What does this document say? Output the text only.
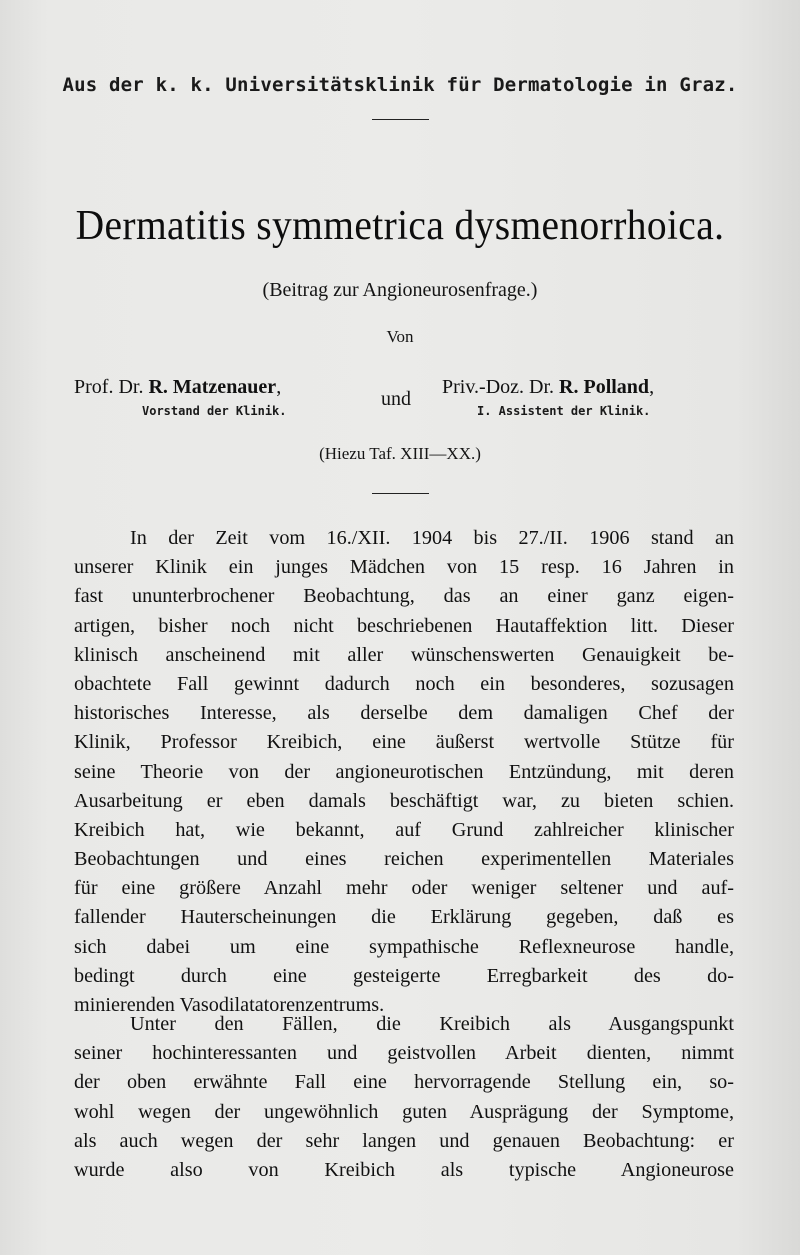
Aus der k. k. Universitätsklinik für Dermatologie in Graz.
Dermatitis symmetrica dysmenorrhoica.
(Beitrag zur Angioneurosenfrage.)
Von
Prof. Dr. R. Matzenauer,
und
Priv.-Doz. Dr. R. Polland,
Vorstand der Klinik.	I. Assistent der Klinik.
(Hiezu Taf. XIII—XX.)
In der Zeit vom 16./XII. 1904 bis 27./II. 1906 stand an
unserer Klinik ein junges Mädchen von 15 resp. 16 Jahren in
fast ununterbrochener Beobachtung, das an einer ganz eigen-
artigen, bisher noch nicht beschriebenen Hautaffektion litt. Dieser
klinisch anscheinend mit aller wünschenswerten Genauigkeit be-
obachtete Fall gewinnt dadurch noch ein besonderes, sozusagen
historisches Interesse, als derselbe dem damaligen Chef der
Klinik, Professor Kreibich, eine äußerst wertvolle Stütze für
seine Theorie von der angioneurotischen Entzündung, mit deren
Ausarbeitung er eben damals beschäftigt war, zu bieten schien.
Kreibich hat, wie bekannt, auf Grund zahlreicher klinischer
Beobachtungen und eines reichen experimentellen Materiales
für eine größere Anzahl mehr oder weniger seltener und auf-
fallender Hauterscheinungen die Erklärung gegeben, daß es
sich dabei um eine sympathische Reflexneurose handle,
bedingt durch eine gesteigerte Erregbarkeit des do-
minierenden Vasodilatatorenzentrums.
Unter den Fällen, die Kreibich als Ausgangspunkt
seiner hochinteressanten und geistvollen Arbeit dienten, nimmt
der oben erwähnte Fall eine hervorragende Stellung ein, so-
wohl wegen der ungewöhnlich guten Ausprägung der Symptome,
als auch wegen der sehr langen und genauen Beobachtung: er
wurde also von Kreibich als typische Angioneurose
